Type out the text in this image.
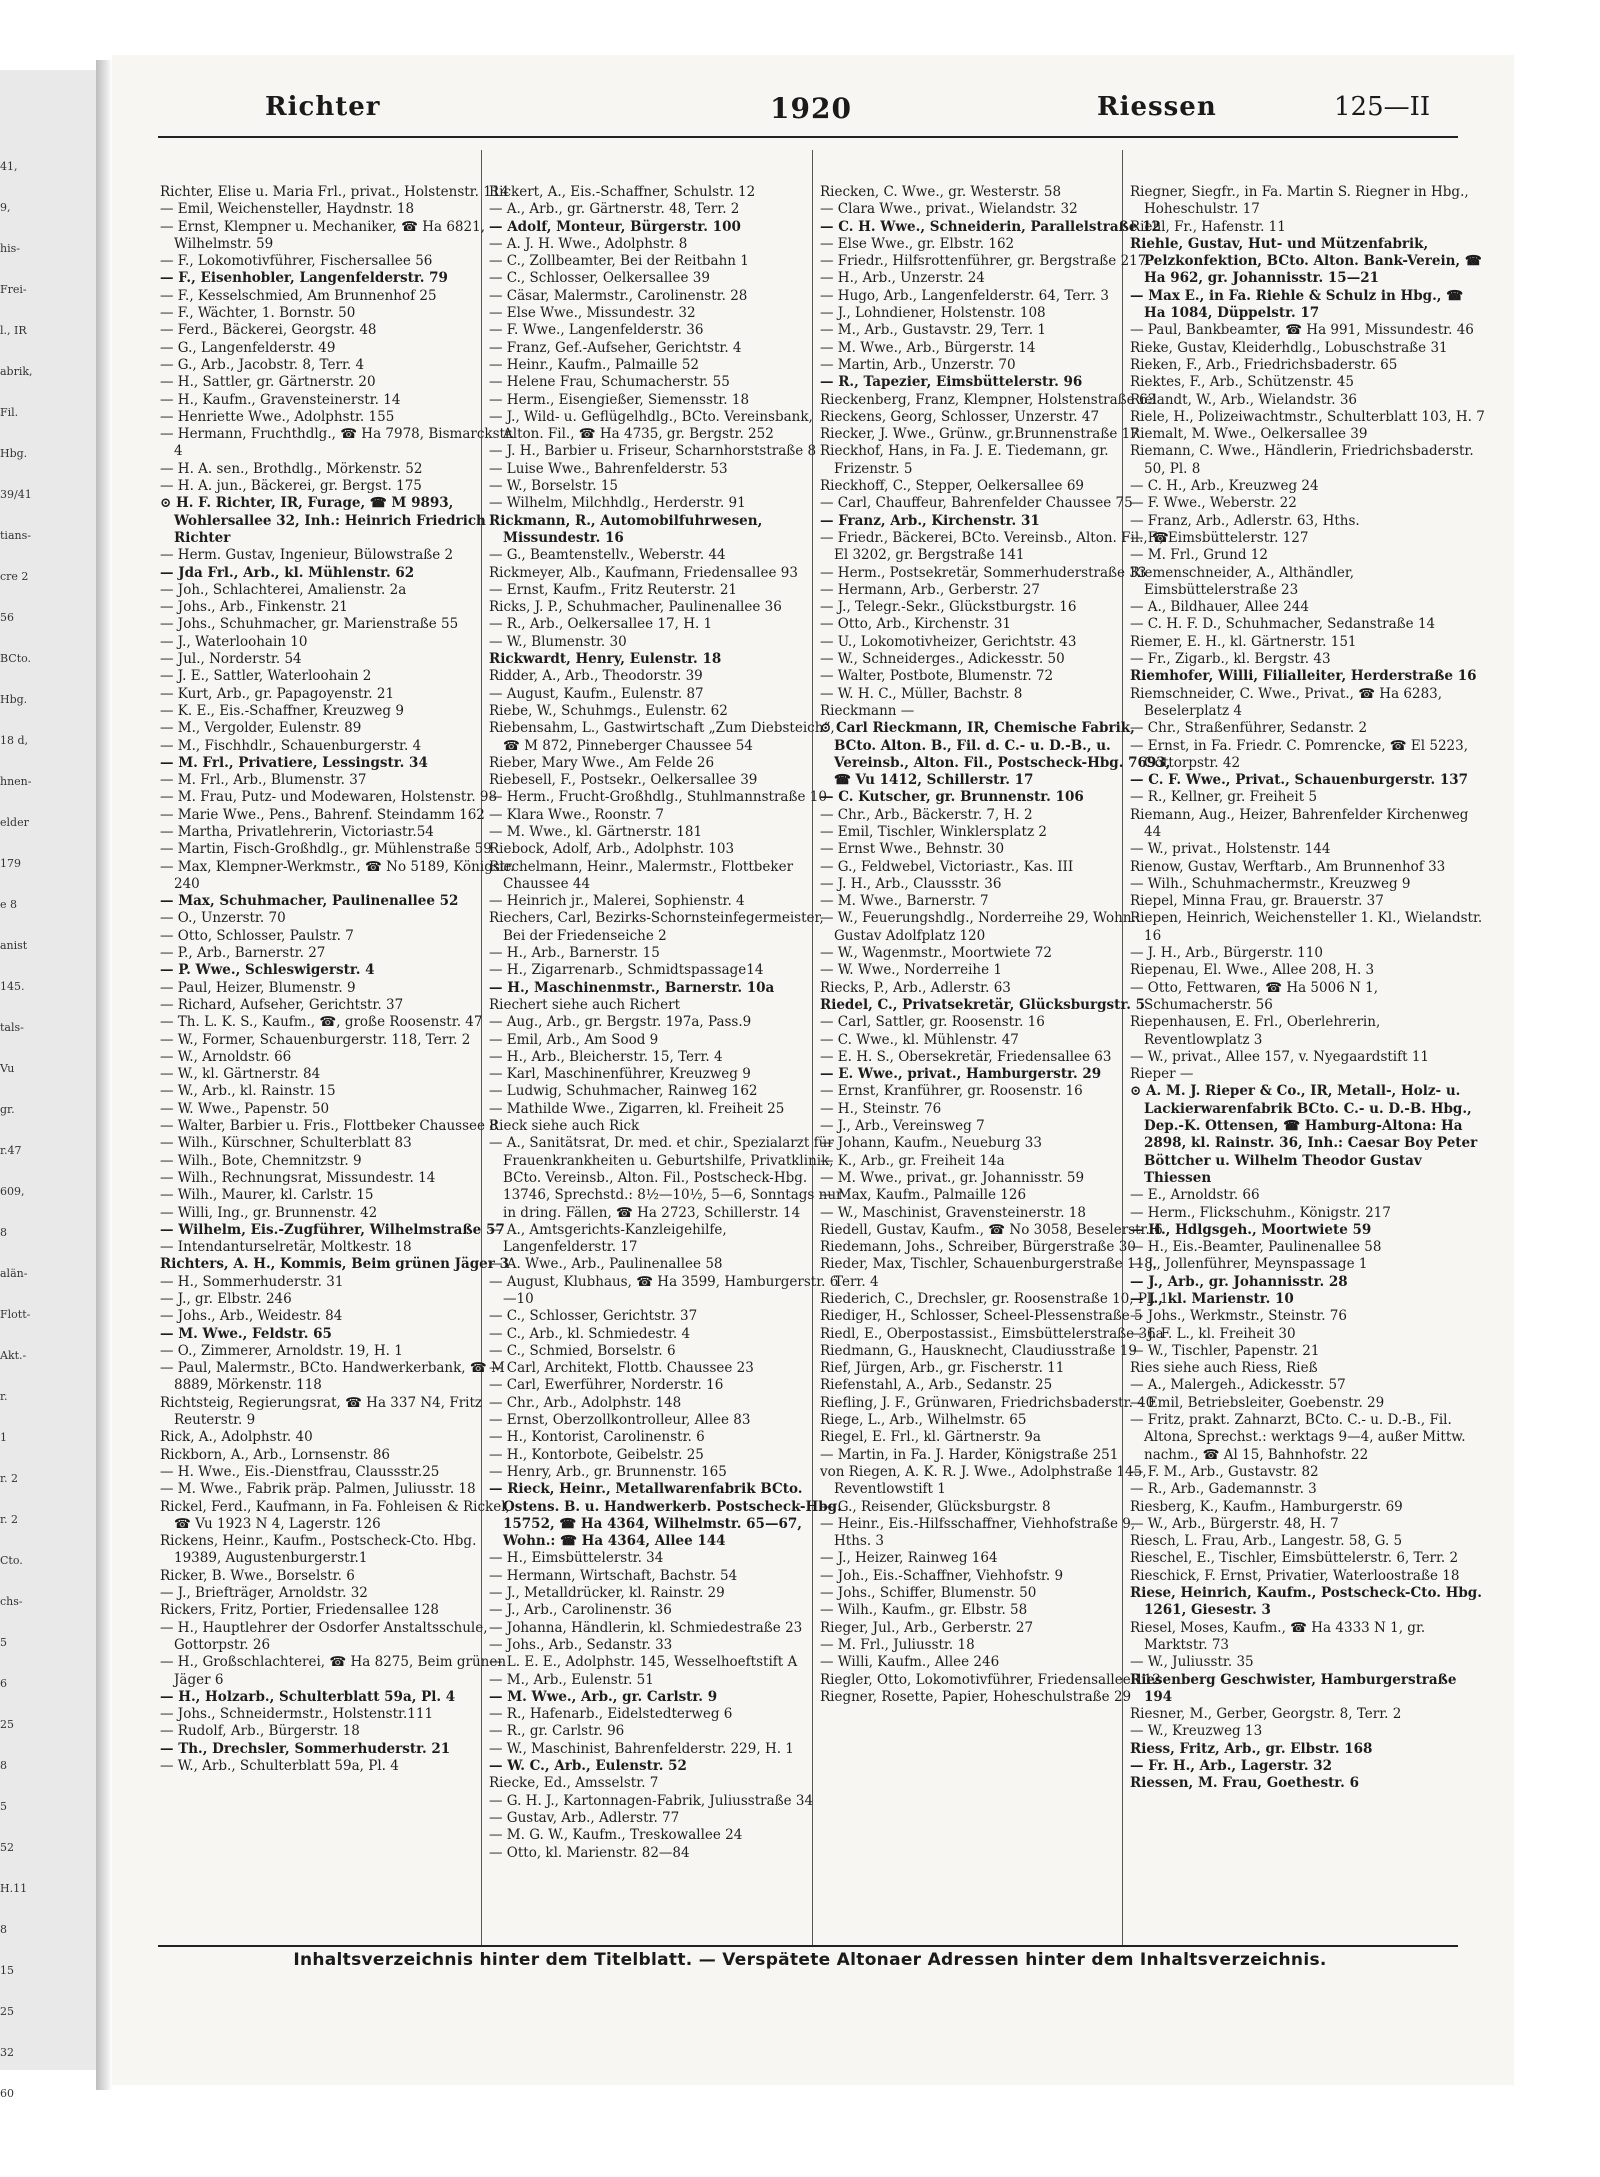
41,
9,
his-
Frei-
l., IR
abrik,
Fil.
Hbg.
39/41
tians-
cre 2
56
BCto.
Hbg.
18 d,
hnen-
elder
179
e 8
anist
145.
tals-
Vu
gr.
r.47
609,
8
alän-
Flott-
Akt.-
r.
1
r. 2
r. 2
Cto.
chs-
5
6
25
8
5
52
H.11
8
15
25
32
60
Richter	1920	Riessen	125—II

Richter, Elise u. Maria Frl., privat., Holstenstr. 114

— Emil, Weichensteller, Haydnstr. 18

— Ernst, Klempner u. Mechaniker, ☎ Ha 6821, Wilhelmstr. 59

— F., Lokomotivführer, Fischersallee 56

— F., Eisenhobler, Langenfelderstr. 79

— F., Kesselschmied, Am Brunnenhof 25

— F., Wächter, 1. Bornstr. 50

— Ferd., Bäckerei, Georgstr. 48

— G., Langenfelderstr. 49

— G., Arb., Jacobstr. 8, Terr. 4

— H., Sattler, gr. Gärtnerstr. 20

— H., Kaufm., Gravensteinerstr. 14

— Henriette Wwe., Adolphstr. 155

— Hermann, Fruchthdlg., ☎ Ha 7978, Bismarckstr. 4

— H. A. sen., Brothdlg., Mörkenstr. 52

— H. A. jun., Bäckerei, gr. Bergst. 175

⊙ H. F. Richter, IR, Furage, ☎ M 9893, Wohlersallee 32, Inh.: Heinrich Friedrich Richter

— Herm. Gustav, Ingenieur, Bülowstraße 2

— Jda Frl., Arb., kl. Mühlenstr. 62

— Joh., Schlachterei, Amalienstr. 2a

— Johs., Arb., Finkenstr. 21

— Johs., Schuhmacher, gr. Marienstraße 55

— J., Waterloohain 10

— Jul., Norderstr. 54

— J. E., Sattler, Waterloohain 2

— Kurt, Arb., gr. Papagoyenstr. 21

— K. E., Eis.-Schaffner, Kreuzweg 9

— M., Vergolder, Eulenstr. 89

— M., Fischhdlr., Schauenburgerstr. 4

— M. Frl., Privatiere, Lessingstr. 34

— M. Frl., Arb., Blumenstr. 37

— M. Frau, Putz- und Modewaren, Holstenstr. 98

— Marie Wwe., Pens., Bahrenf. Steindamm 162

— Martha, Privatlehrerin, Victoriastr.54

— Martin, Fisch-Großhdlg., gr. Mühlenstraße 59

— Max, Klempner-Werkmstr., ☎ No 5189, Königstr. 240

— Max, Schuhmacher, Paulinenallee 52

— O., Unzerstr. 70

— Otto, Schlosser, Paulstr. 7

— P., Arb., Barnerstr. 27

— P. Wwe., Schleswigerstr. 4

— Paul, Heizer, Blumenstr. 9

— Richard, Aufseher, Gerichtstr. 37

— Th. L. K. S., Kaufm., ☎, große Roosenstr. 47

— W., Former, Schauenburgerstr. 118, Terr. 2

— W., Arnoldstr. 66

— W., kl. Gärtnerstr. 84

— W., Arb., kl. Rainstr. 15

— W. Wwe., Papenstr. 50

— Walter, Barbier u. Fris., Flottbeker Chaussee 8

— Wilh., Kürschner, Schulterblatt 83

— Wilh., Bote, Chemnitzstr. 9

— Wilh., Rechnungsrat, Missundestr. 14

— Wilh., Maurer, kl. Carlstr. 15

— Willi, Ing., gr. Brunnenstr. 42

— Wilhelm, Eis.-Zugführer, Wilhelmstraße 57

— Intendanturselretär, Moltkestr. 18

Richters, A. H., Kommis, Beim grünen Jäger 3

— H., Sommerhuderstr. 31

— J., gr. Elbstr. 246

— Johs., Arb., Weidestr. 84

— M. Wwe., Feldstr. 65

— O., Zimmerer, Arnoldstr. 19, H. 1

— Paul, Malermstr., BCto. Handwerkerbank, ☎ M 8889, Mörkenstr. 118

Richtsteig, Regierungsrat, ☎ Ha 337 N4, Fritz Reuterstr. 9

Rick, A., Adolphstr. 40

Rickborn, A., Arb., Lornsenstr. 86

— H. Wwe., Eis.-Dienstfrau, Claussstr.25

— M. Wwe., Fabrik präp. Palmen, Juliusstr. 18

Rickel, Ferd., Kaufmann, in Fa. Fohleisen & Rickel, ☎ Vu 1923 N 4, Lagerstr. 126

Rickens, Heinr., Kaufm., Postscheck-Cto. Hbg. 19389, Augustenburgerstr.1

Ricker, B. Wwe., Borselstr. 6

— J., Briefträger, Arnoldstr. 32

Rickers, Fritz, Portier, Friedensallee 128

— H., Hauptlehrer der Osdorfer Anstaltsschule, Gottorpstr. 26

— H., Großschlachterei, ☎ Ha 8275, Beim grünen Jäger 6

— H., Holzarb., Schulterblatt 59a, Pl. 4

— Johs., Schneidermstr., Holstenstr.111

— Rudolf, Arb., Bürgerstr. 18

— Th., Drechsler, Sommerhuderstr. 21

— W., Arb., Schulterblatt 59a, Pl. 4

Rickert, A., Eis.-Schaffner, Schulstr. 12

— A., Arb., gr. Gärtnerstr. 48, Terr. 2

— Adolf, Monteur, Bürgerstr. 100

— A. J. H. Wwe., Adolphstr. 8

— C., Zollbeamter, Bei der Reitbahn 1

— C., Schlosser, Oelkersallee 39

— Cäsar, Malermstr., Carolinenstr. 28

— Else Wwe., Missundestr. 32

— F. Wwe., Langenfelderstr. 36

— Franz, Gef.-Aufseher, Gerichtstr. 4

— Heinr., Kaufm., Palmaille 52

— Helene Frau, Schumacherstr. 55

— Herm., Eisengießer, Siemensstr. 18

— J., Wild- u. Geflügelhdlg., BCto. Vereinsbank, Alton. Fil., ☎ Ha 4735, gr. Bergstr. 252

— J. H., Barbier u. Friseur, Scharnhorststraße 8

— Luise Wwe., Bahrenfelderstr. 53

— W., Borselstr. 15

— Wilhelm, Milchhdlg., Herderstr. 91

Rickmann, R., Automobilfuhrwesen, Missundestr. 16

— G., Beamtenstellv., Weberstr. 44

Rickmeyer, Alb., Kaufmann, Friedensallee 93

— Ernst, Kaufm., Fritz Reuterstr. 21

Ricks, J. P., Schuhmacher, Paulinenallee 36

— R., Arb., Oelkersallee 17, H. 1

— W., Blumenstr. 30

Rickwardt, Henry, Eulenstr. 18

Ridder, A., Arb., Theodorstr. 39

— August, Kaufm., Eulenstr. 87

Riebe, W., Schuhmgs., Eulenstr. 62

Riebensahm, L., Gastwirtschaft „Zum Diebsteich“, ☎ M 872, Pinneberger Chaussee 54

Rieber, Mary Wwe., Am Felde 26

Riebesell, F., Postsekr., Oelkersallee 39

— Herm., Frucht-Großhdlg., Stuhlmannstraße 10

— Klara Wwe., Roonstr. 7

— M. Wwe., kl. Gärtnerstr. 181

Riebock, Adolf, Arb., Adolphstr. 103

Riechelmann, Heinr., Malermstr., Flottbeker Chaussee 44

— Heinrich jr., Malerei, Sophienstr. 4

Riechers, Carl, Bezirks-Schornsteinfegermeister, Bei der Friedenseiche 2

— H., Arb., Barnerstr. 15

— H., Zigarrenarb., Schmidtspassage14

— H., Maschinenmstr., Barnerstr. 10a

Riechert siehe auch Richert

— Aug., Arb., gr. Bergstr. 197a, Pass.9

— Emil, Arb., Am Sood 9

— H., Arb., Bleicherstr. 15, Terr. 4

— Karl, Maschinenführer, Kreuzweg 9

— Ludwig, Schuhmacher, Rainweg 162

— Mathilde Wwe., Zigarren, kl. Freiheit 25

Rieck siehe auch Rick

— A., Sanitätsrat, Dr. med. et chir., Spezialarzt für Frauenkrankheiten u. Geburtshilfe, Privatklinik, BCto. Vereinsb., Alton. Fil., Postscheck-Hbg. 13746, Sprechstd.: 8½—10½, 5—6, Sonntags nur in dring. Fällen, ☎ Ha 2723, Schillerstr. 14

— A., Amtsgerichts-Kanzleigehilfe, Langenfelderstr. 17

— A. Wwe., Arb., Paulinenallee 58

— August, Klubhaus, ☎ Ha 3599, Hamburgerstr. 6—10

— C., Schlosser, Gerichtstr. 37

— C., Arb., kl. Schmiedestr. 4

— C., Schmied, Borselstr. 6

— Carl, Architekt, Flottb. Chaussee 23

— Carl, Ewerführer, Norderstr. 16

— Chr., Arb., Adolphstr. 148

— Ernst, Oberzollkontrolleur, Allee 83

— H., Kontorist, Carolinenstr. 6

— H., Kontorbote, Geibelstr. 25

— Henry, Arb., gr. Brunnenstr. 165

— Rieck, Heinr., Metallwarenfabrik BCto. Ostens. B. u. Handwerkerb. Postscheck-Hbg. 15752, ☎ Ha 4364, Wilhelmstr. 65—67, Wohn.: ☎ Ha 4364, Allee 144

— H., Eimsbüttelerstr. 34

— Hermann, Wirtschaft, Bachstr. 54

— J., Metalldrücker, kl. Rainstr. 29

— J., Arb., Carolinenstr. 36

— Johanna, Händlerin, kl. Schmiedestraße 23

— Johs., Arb., Sedanstr. 33

— L. E. E., Adolphstr. 145, Wesselhoeftstift A

— M., Arb., Eulenstr. 51

— M. Wwe., Arb., gr. Carlstr. 9

— R., Hafenarb., Eidelstedterweg 6

— R., gr. Carlstr. 96

— W., Maschinist, Bahrenfelderstr. 229, H. 1

— W. C., Arb., Eulenstr. 52

Riecke, Ed., Amsselstr. 7

— G. H. J., Kartonnagen-Fabrik, Juliusstraße 34

— Gustav, Arb., Adlerstr. 77

— M. G. W., Kaufm., Treskowallee 24

— Otto, kl. Marienstr. 82—84

Riecken, C. Wwe., gr. Westerstr. 58

— Clara Wwe., privat., Wielandstr. 32

— C. H. Wwe., Schneiderin, Parallelstraße 12

— Else Wwe., gr. Elbstr. 162

— Friedr., Hilfsrottenführer, gr. Bergstraße 217

— H., Arb., Unzerstr. 24

— Hugo, Arb., Langenfelderstr. 64, Terr. 3

— J., Lohndiener, Holstenstr. 108

— M., Arb., Gustavstr. 29, Terr. 1

— M. Wwe., Arb., Bürgerstr. 14

— Martin, Arb., Unzerstr. 70

— R., Tapezier, Eimsbüttelerstr. 96

Rieckenberg, Franz, Klempner, Holstenstraße 63

Rieckens, Georg, Schlosser, Unzerstr. 47

Riecker, J. Wwe., Grünw., gr.Brunnenstraße 17

Rieckhof, Hans, in Fa. J. E. Tiedemann, gr. Frizenstr. 5

Rieckhoff, C., Stepper, Oelkersallee 69

— Carl, Chauffeur, Bahrenfelder Chaussee 75

— Franz, Arb., Kirchenstr. 31

— Friedr., Bäckerei, BCto. Vereinsb., Alton. Fil., ☎ El 3202, gr. Bergstraße 141

— Herm., Postsekretär, Sommerhuderstraße 33

— Hermann, Arb., Gerberstr. 27

— J., Telegr.-Sekr., Glückstburgstr. 16

— Otto, Arb., Kirchenstr. 31

— U., Lokomotivheizer, Gerichtstr. 43

— W., Schneiderges., Adickesstr. 50

— Walter, Postbote, Blumenstr. 72

— W. H. C., Müller, Bachstr. 8

Rieckmann —

⊙ Carl Rieckmann, IR, Chemische Fabrik, BCto. Alton. B., Fil. d. C.- u. D.-B., u. Vereinsb., Alton. Fil., Postscheck-Hbg. 7693, ☎ Vu 1412, Schillerstr. 17

— C. Kutscher, gr. Brunnenstr. 106

— Chr., Arb., Bäckerstr. 7, H. 2

— Emil, Tischler, Winklersplatz 2

— Ernst Wwe., Behnstr. 30

— G., Feldwebel, Victoriastr., Kas. III

— J. H., Arb., Claussstr. 36

— M. Wwe., Barnerstr. 7

— W., Feuerungshdlg., Norderreihe 29, Wohn.: Gustav Adolfplatz 120

— W., Wagenmstr., Moortwiete 72

— W. Wwe., Norderreihe 1

Riecks, P., Arb., Adlerstr. 63

Riedel, C., Privatsekretär, Glücksburgstr. 5

— Carl, Sattler, gr. Roosenstr. 16

— C. Wwe., kl. Mühlenstr. 47

— E. H. S., Obersekretär, Friedensallee 63

— E. Wwe., privat., Hamburgerstr. 29

— Ernst, Kranführer, gr. Roosenstr. 16

— H., Steinstr. 76

— J., Arb., Vereinsweg 7

— Johann, Kaufm., Neueburg 33

— K., Arb., gr. Freiheit 14a

— M. Wwe., privat., gr. Johannisstr. 59

— Max, Kaufm., Palmaille 126

— W., Maschinist, Gravensteinerstr. 18

Riedell, Gustav, Kaufm., ☎ No 3058, Beselerstr. 6

Riedemann, Johs., Schreiber, Bürgerstraße 30

Rieder, Max, Tischler, Schauenburgerstraße 118, Terr. 4

Riederich, C., Drechsler, gr. Roosenstraße 10, Pl. 1

Riediger, H., Schlosser, Scheel-Plessenstraße 5

Riedl, E., Oberpostassist., Eimsbüttelerstraße 36a

Riedmann, G., Hausknecht, Claudiusstraße 19

Rief, Jürgen, Arb., gr. Fischerstr. 11

Riefenstahl, A., Arb., Sedanstr. 25

Riefling, J. F., Grünwaren, Friedrichsbaderstr. 40

Riege, L., Arb., Wilhelmstr. 65

Riegel, E. Frl., kl. Gärtnerstr. 9a

— Martin, in Fa. J. Harder, Königstraße 251

von Riegen, A. K. R. J. Wwe., Adolphstraße 145, Reventlowstift 1

— G., Reisender, Glücksburgstr. 8

— Heinr., Eis.-Hilfsschaffner, Viehhofstraße 9, Hths. 3

— J., Heizer, Rainweg 164

— Joh., Eis.-Schaffner, Viehhofstr. 9

— Johs., Schiffer, Blumenstr. 50

— Wilh., Kaufm., gr. Elbstr. 58

Rieger, Jul., Arb., Gerberstr. 27

— M. Frl., Juliusstr. 18

— Willi, Kaufm., Allee 246

Riegler, Otto, Lokomotivführer, Friedensallee 112

Riegner, Rosette, Papier, Hoheschulstraße 29

Riegner, Siegfr., in Fa. Martin S. Riegner in Hbg., Hoheschulstr. 17

Riehl, Fr., Hafenstr. 11

Riehle, Gustav, Hut- und Mützenfabrik, Pelzkonfektion, BCto. Alton. Bank-Verein, ☎ Ha 962, gr. Johannisstr. 15—21

— Max E., in Fa. Riehle & Schulz in Hbg., ☎ Ha 1084, Düppelstr. 17

— Paul, Bankbeamter, ☎ Ha 991, Missundestr. 46

Rieke, Gustav, Kleiderhdlg., Lobuschstraße 31

Rieken, F., Arb., Friedrichsbaderstr. 65

Riektes, F., Arb., Schützenstr. 45

Rielandt, W., Arb., Wielandstr. 36

Riele, H., Polizeiwachtmstr., Schulterblatt 103, H. 7

Riemalt, M. Wwe., Oelkersallee 39

Riemann, C. Wwe., Händlerin, Friedrichsbaderstr. 50, Pl. 8

— C. H., Arb., Kreuzweg 24

— F. Wwe., Weberstr. 22

— Franz, Arb., Adlerstr. 63, Hths.

— F., Eimsbüttelerstr. 127

— M. Frl., Grund 12

Riemenschneider, A., Althändler, Eimsbüttelerstraße 23

— A., Bildhauer, Allee 244

— C. H. F. D., Schuhmacher, Sedanstraße 14

Riemer, E. H., kl. Gärtnerstr. 151

— Fr., Zigarb., kl. Bergstr. 43

Riemhofer, Willi, Filialleiter, Herderstraße 16

Riemschneider, C. Wwe., Privat., ☎ Ha 6283, Beselerplatz 4

— Chr., Straßenführer, Sedanstr. 2

— Ernst, in Fa. Friedr. C. Pomrencke, ☎ El 5223, Gottorpstr. 42

— C. F. Wwe., Privat., Schauenburgerstr. 137

— R., Kellner, gr. Freiheit 5

Riemann, Aug., Heizer, Bahrenfelder Kirchenweg 44

— W., privat., Holstenstr. 144

Rienow, Gustav, Werftarb., Am Brunnenhof 33

— Wilh., Schuhmachermstr., Kreuzweg 9

Riepel, Minna Frau, gr. Brauerstr. 37

Riepen, Heinrich, Weichensteller 1. Kl., Wielandstr. 16

— J. H., Arb., Bürgerstr. 110

Riepenau, El. Wwe., Allee 208, H. 3

— Otto, Fettwaren, ☎ Ha 5006 N 1, Schumacherstr. 56

Riepenhausen, E. Frl., Oberlehrerin, Reventlowplatz 3

— W., privat., Allee 157, v. Nyegaardstift 11

Rieper —

⊙ A. M. J. Rieper & Co., IR, Metall-, Holz- u. Lackierwarenfabrik BCto. C.- u. D.-B. Hbg., Dep.-K. Ottensen, ☎ Hamburg-Altona: Ha 2898, kl. Rainstr. 36, Inh.: Caesar Boy Peter Böttcher u. Wilhelm Theodor Gustav Thiessen

— E., Arnoldstr. 66

— Herm., Flickschuhm., Königstr. 217

— H., Hdlgsgeh., Moortwiete 59

— H., Eis.-Beamter, Paulinenallee 58

— J., Jollenführer, Meynspassage 1

— J., Arb., gr. Johannisstr. 28

— J., kl. Marienstr. 10

— Johs., Werkmstr., Steinstr. 76

— J. F. L., kl. Freiheit 30

— W., Tischler, Papenstr. 21

Ries siehe auch Riess, Rieß

— A., Malergeh., Adickesstr. 57

— Emil, Betriebsleiter, Goebenstr. 29

— Fritz, prakt. Zahnarzt, BCto. C.- u. D.-B., Fil. Altona, Sprechst.: werktags 9—4, außer Mittw. nachm., ☎ Al 15, Bahnhofstr. 22

— F. M., Arb., Gustavstr. 82

— R., Arb., Gademannstr. 3

Riesberg, K., Kaufm., Hamburgerstr. 69

— W., Arb., Bürgerstr. 48, H. 7

Riesch, L. Frau, Arb., Langestr. 58, G. 5

Rieschel, E., Tischler, Eimsbüttelerstr. 6, Terr. 2

Rieschick, F. Ernst, Privatier, Waterloostraße 18

Riese, Heinrich, Kaufm., Postscheck-Cto. Hbg. 1261, Giesestr. 3

Riesel, Moses, Kaufm., ☎ Ha 4333 N 1, gr. Marktstr. 73

— W., Juliusstr. 35

Riesenberg Geschwister, Hamburgerstraße 194

Riesner, M., Gerber, Georgstr. 8, Terr. 2

— W., Kreuzweg 13

Riess, Fritz, Arb., gr. Elbstr. 168

— Fr. H., Arb., Lagerstr. 32

Riessen, M. Frau, Goethestr. 6

Inhaltsverzeichnis hinter dem Titelblatt. — Verspätete Altonaer Adressen hinter dem Inhaltsverzeichnis.
